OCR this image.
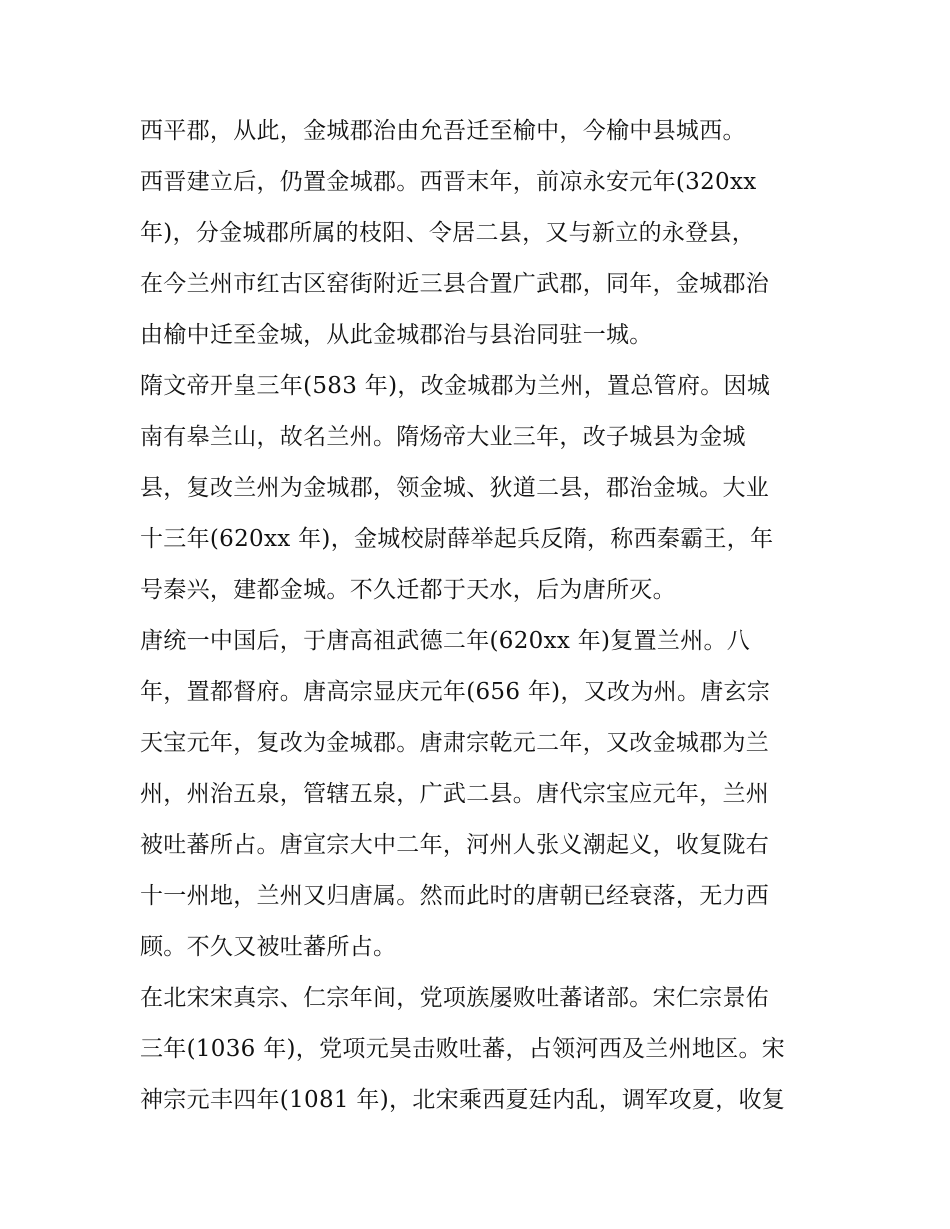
西平郡，从此，金城郡治由允吾迁至榆中，今榆中县城西。
西晋建立后，仍置金城郡。西晋末年，前凉永安元年(320xx
年)，分金城郡所属的枝阳、令居二县，又与新立的永登县，
在今兰州市红古区窑街附近三县合置广武郡，同年，金城郡治
由榆中迁至金城，从此金城郡治与县治同驻一城。
隋文帝开皇三年(583 年)，改金城郡为兰州，置总管府。因城
南有皋兰山，故名兰州。隋炀帝大业三年，改子城县为金城
县，复改兰州为金城郡，领金城、狄道二县，郡治金城。大业
十三年(620xx 年)，金城校尉薛举起兵反隋，称西秦霸王，年
号秦兴，建都金城。不久迁都于天水，后为唐所灭。
唐统一中国后，于唐高祖武德二年(620xx 年)复置兰州。八
年，置都督府。唐高宗显庆元年(656 年)，又改为州。唐玄宗
天宝元年，复改为金城郡。唐肃宗乾元二年，又改金城郡为兰
州，州治五泉，管辖五泉，广武二县。唐代宗宝应元年，兰州
被吐蕃所占。唐宣宗大中二年，河州人张义潮起义，收复陇右
十一州地，兰州又归唐属。然而此时的唐朝已经衰落，无力西
顾。不久又被吐蕃所占。
在北宋宋真宗、仁宗年间，党项族屡败吐蕃诸部。宋仁宗景佑
三年(1036 年)，党项元昊击败吐蕃，占领河西及兰州地区。宋
神宗元丰四年(1081 年)，北宋乘西夏廷内乱，调军攻夏，收复
